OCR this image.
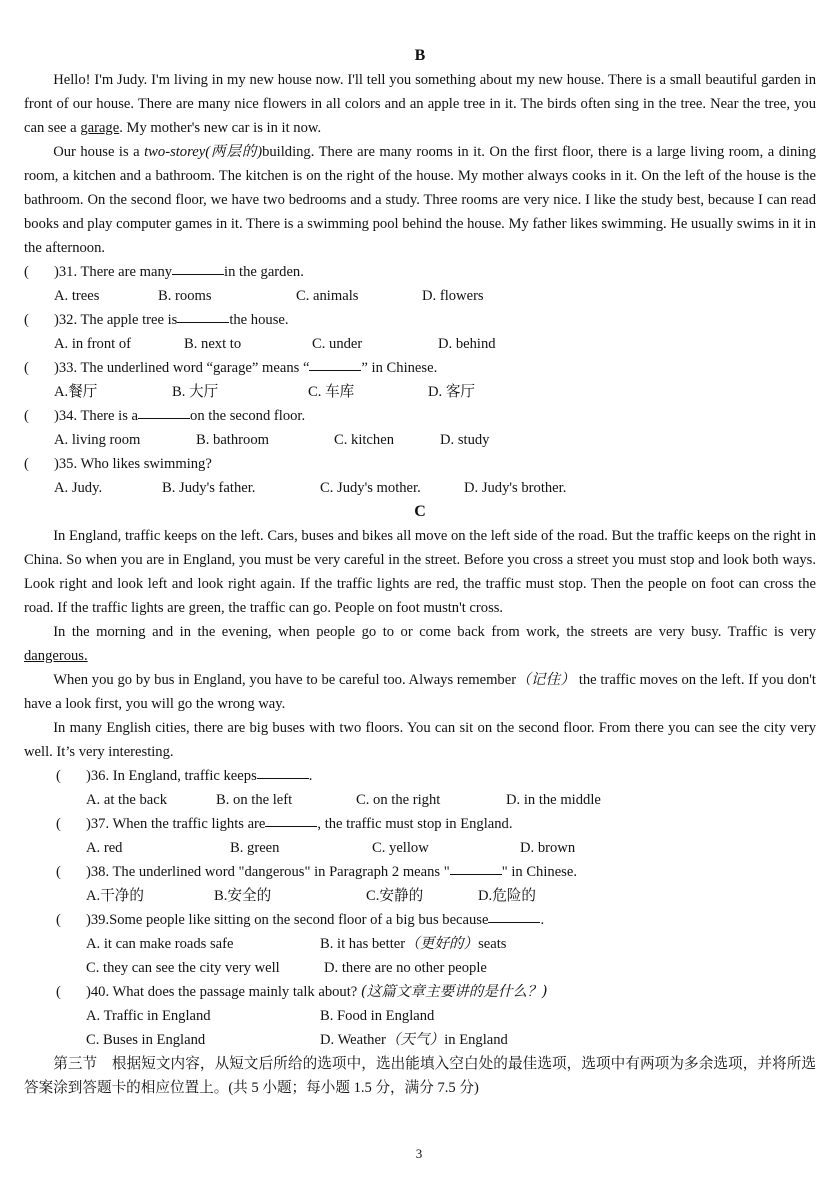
B

Hello! I'm Judy. I'm living in my new house now. I'll tell you something about my new house. There is a small beautiful garden in front of our house. There are many nice flowers in all colors and an apple tree in it. The birds often sing in the tree. Near the tree, you can see a garage. My mother's new car is in it now.

Our house is a two-storey(两层的)building. There are many rooms in it. On the first floor, there is a large living room, a dining room, a kitchen and a bathroom. The kitchen is on the right of the house. My mother always cooks in it. On the left of the house is the bathroom. On the second floor, we have two bedrooms and a study. Three rooms are very nice. I like the study best, because I can read books and play computer games in it. There is a swimming pool behind the house. My father likes swimming. He usually swims in it in the afternoon.

(	)31. There are many	in the garden.
A. trees	B. rooms	C. animals	D. flowers
(	)32. The apple tree is	the house.
A. in front of	B. next to	C. under	D. behind
(	)33. The underlined word “garage” means “	” in Chinese.
A.餐厅	B. 大厅	C. 车库	D. 客厅
(	)34. There is a	on the second floor.
A. living room	B. bathroom	C. kitchen	D. study
(	)35. Who likes swimming?
A. Judy.	B. Judy's father.	C. Judy's mother.	D. Judy's brother.
C

In England, traffic keeps on the left. Cars, buses and bikes all move on the left side of the road. But the traffic keeps on the right in China. So when you are in England, you must be very careful in the street. Before you cross a street you must stop and look both ways. Look right and look left and look right again. If the traffic lights are red, the traffic must stop. Then the people on foot can cross the road. If the traffic lights are green, the traffic can go. People on foot mustn't cross.

In the morning and in the evening, when people go to or come back from work, the streets are very busy. Traffic is very dangerous.

When you go by bus in England, you have to be careful too. Always remember（记住） the traffic moves on the left. If you don't have a look first, you will go the wrong way.

In many English cities, there are big buses with two floors. You can sit on the second floor. From there you can see the city very well. It’s very interesting.

(	)36. In England, traffic keeps	.
A. at the back	B. on the left	C. on the right	D. in the middle
(	)37. When the traffic lights are	, the traffic must stop in England.
A. red	B. green	C. yellow	D. brown
(	)38. The underlined word "dangerous" in Paragraph 2 means "	" in Chinese.
A.干净的	B.安全的	C.安静的	D.危险的
(	)39.Some people like sitting on the second floor of a big bus because	.
A. it can make roads safe	B. it has better（更好的）seats
C. they can see the city very well	D. there are no other people
(	)40. What does the passage mainly talk about? (这篇文章主要讲的是什么？)
A. Traffic in England	B. Food in England
C. Buses in England	D. Weather（天气）in England

第三节　根据短文内容，从短文后所给的选项中，选出能填入空白处的最佳选项，选项中有两项为多余选项，并将所选答案涂到答题卡的相应位置上。(共 5 小题；每小题 1.5 分，满分 7.5 分)

3
